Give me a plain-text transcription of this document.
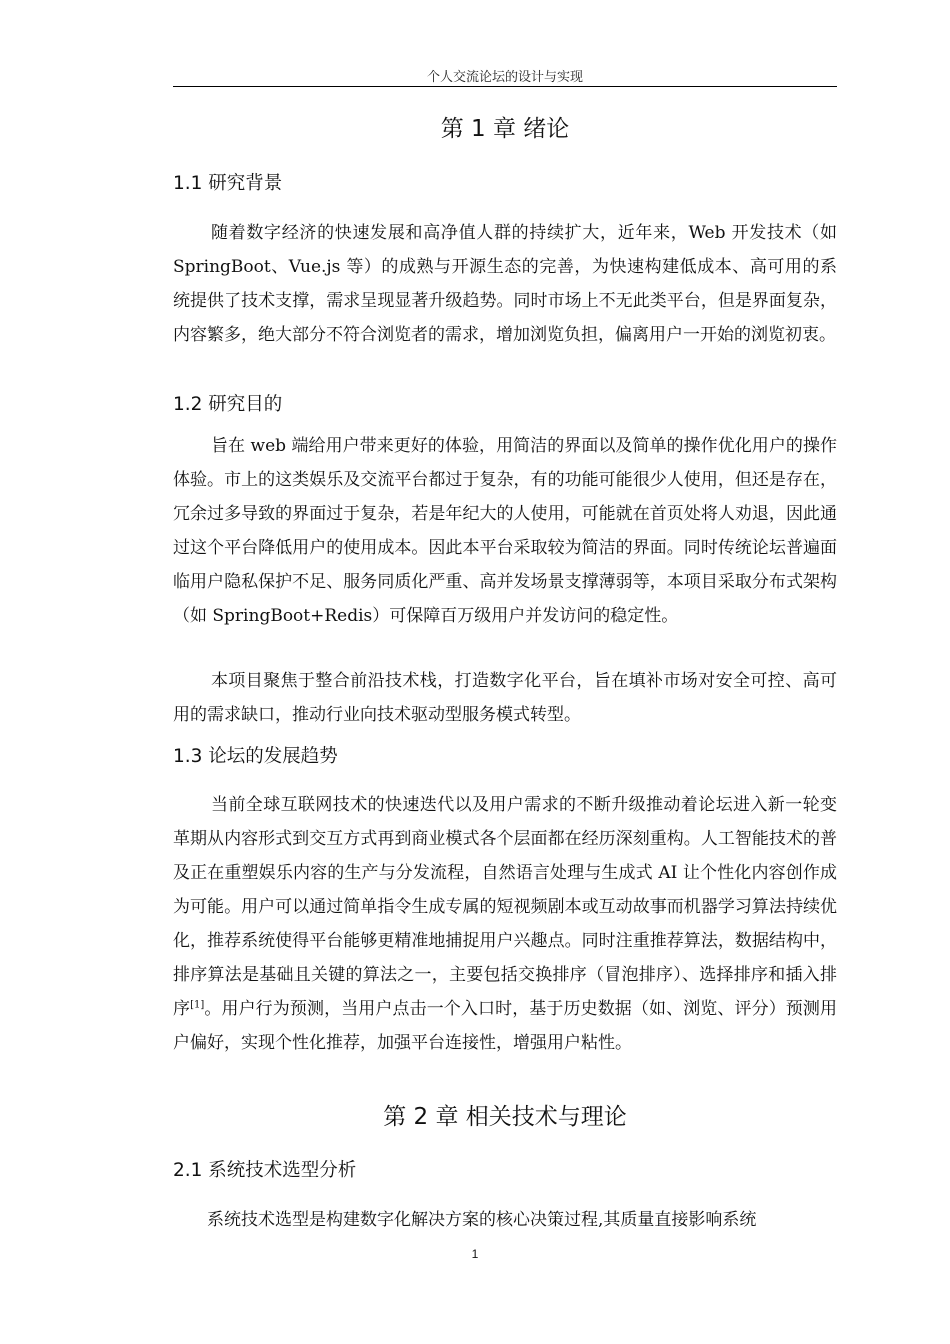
个人交流论坛的设计与实现
第 1 章 绪论
1.1 研究背景

随着数字经济的快速发展和高净值人群的持续扩大，近年来，Web 开发技术（如 SpringBoot、Vue.js 等）的成熟与开源生态的完善，为快速构建低成本、高可用的系统提供了技术支撑，需求呈现显著升级趋势。同时市场上不无此类平台，但是界面复杂，内容繁多，绝大部分不符合浏览者的需求，增加浏览负担，偏离用户一开始的浏览初衷。

1.2 研究目的

旨在 web 端给用户带来更好的体验，用简洁的界面以及简单的操作优化用户的操作体验。市上的这类娱乐及交流平台都过于复杂，有的功能可能很少人使用，但还是存在，冗余过多导致的界面过于复杂，若是年纪大的人使用，可能就在首页处将人劝退，因此通过这个平台降低用户的使用成本。因此本平台采取较为简洁的界面。同时传统论坛普遍面临用户隐私保护不足、服务同质化严重、高并发场景支撑薄弱等，本项目采取分布式架构（如 SpringBoot+Redis）可保障百万级用户并发访问的稳定性。

本项目聚焦于整合前沿技术栈，打造数字化平台，旨在填补市场对安全可控、高可用的需求缺口，推动行业向技术驱动型服务模式转型。

1.3 论坛的发展趋势

当前全球互联网技术的快速迭代以及用户需求的不断升级推动着论坛进入新一轮变革期从内容形式到交互方式再到商业模式各个层面都在经历深刻重构。人工智能技术的普及正在重塑娱乐内容的生产与分发流程，自然语言处理与生成式 AI 让个性化内容创作成为可能。用户可以通过简单指令生成专属的短视频剧本或互动故事而机器学习算法持续优化，推荐系统使得平台能够更精准地捕捉用户兴趣点。同时注重推荐算法，数据结构中，排序算法是基础且关键的算法之一，主要包括交换排序（冒泡排序）、选择排序和插入排序[1]。用户行为预测，当用户点击一个入口时，基于历史数据（如、浏览、评分）预测用户偏好，实现个性化推荐，加强平台连接性，增强用户粘性。

第 2 章 相关技术与理论
2.1 系统技术选型分析

系统技术选型是构建数字化解决方案的核心决策过程,其质量直接影响系统

1
